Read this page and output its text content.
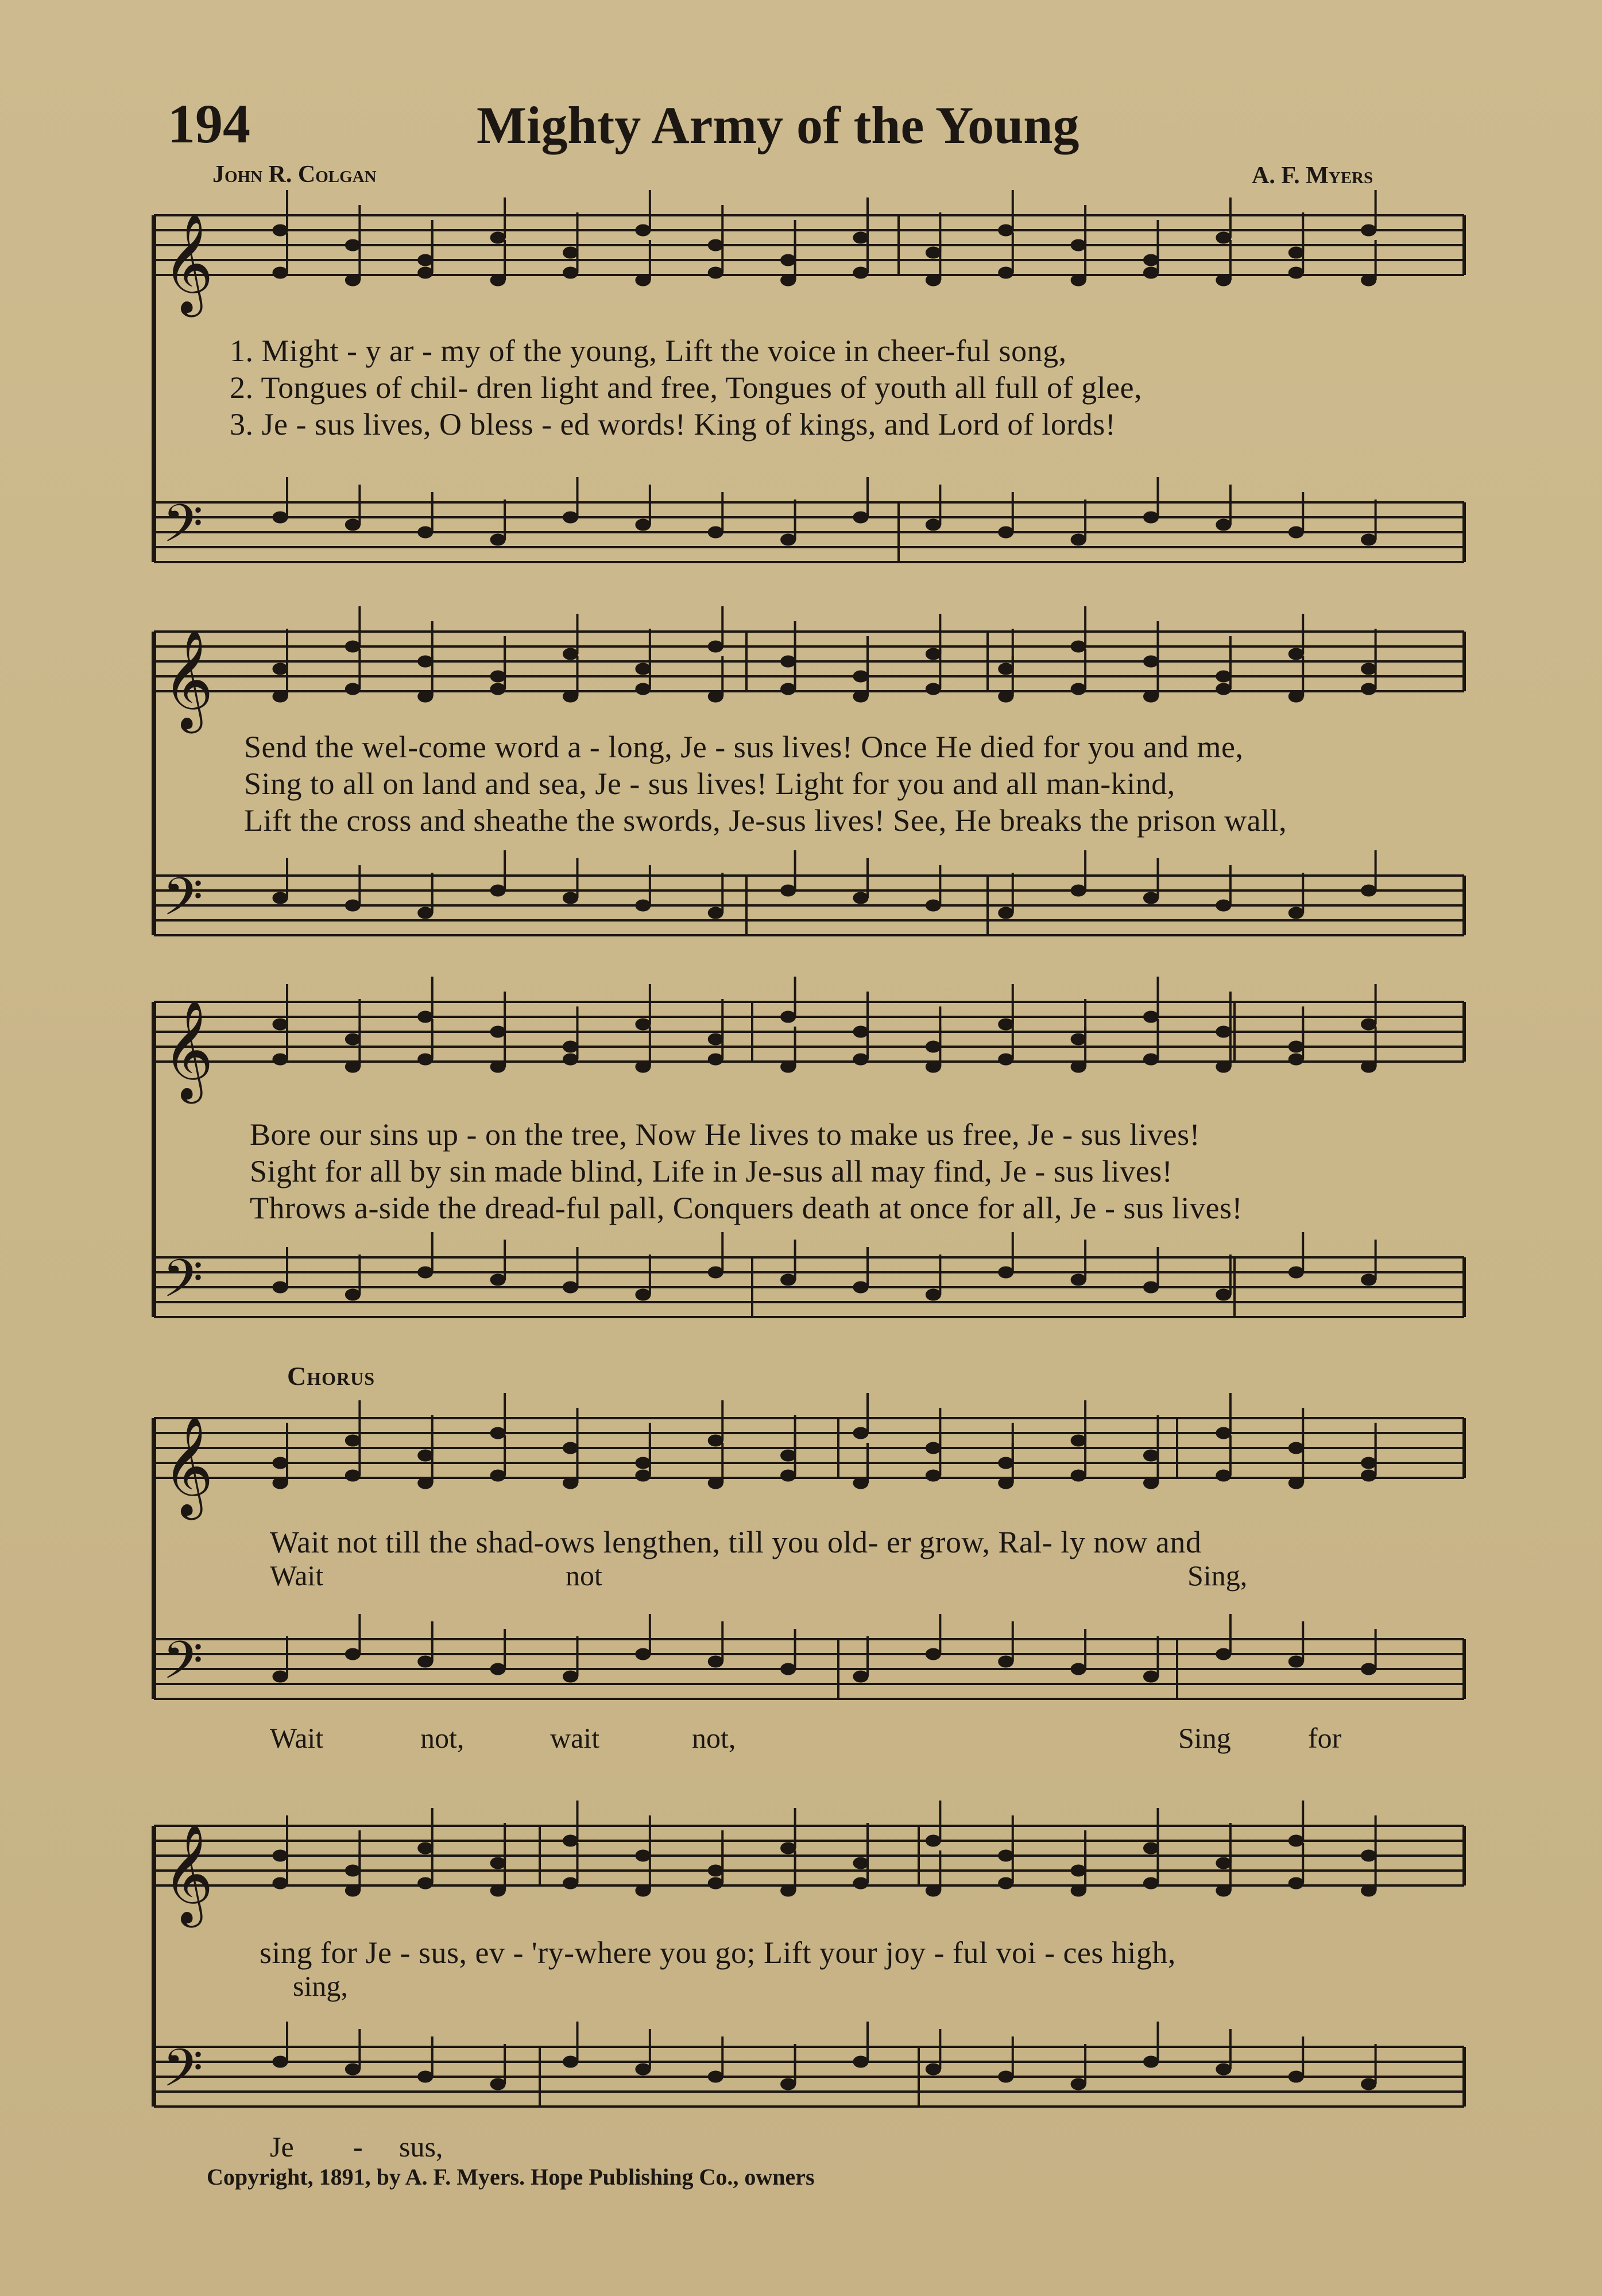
194	Mighty Army of the Young
John R. Colgan	A. F. Myers
𝄞
𝄢
𝄞
𝄢
𝄞
𝄢
𝄞
𝄢
𝄞
𝄢
1. Might - y ar - my of the young, Lift the voice in cheer-ful song,
2. Tongues of chil- dren light and free, Tongues of youth all full of glee,
3. Je - sus lives, O bless - ed words! King of kings, and Lord of lords!
Send the wel-come word a - long, Je - sus lives! Once He died for you and me,
Sing to all on land and sea, Je - sus lives! Light for you and all man-kind,
Lift the cross and sheathe the swords, Je-sus lives! See, He breaks the prison wall,
Bore our sins up - on the tree, Now He lives to make us free, Je - sus lives!
Sight for all by sin made blind, Life in Je-sus all may find, Je - sus lives!
Throws a-side the dread-ful pall, Conquers death at once for all, Je - sus lives!
Chorus
Wait not till the shad-ows lengthen, till you old- er grow, Ral- ly now and
Wait	not	Sing,
Wait	not,	wait	not,	Sing	for
sing for Je - sus, ev - 'ry-where you go; Lift your joy - ful voi - ces high,
sing,
Je - sus,
Copyright, 1891, by A. F. Myers. Hope Publishing Co., owners
